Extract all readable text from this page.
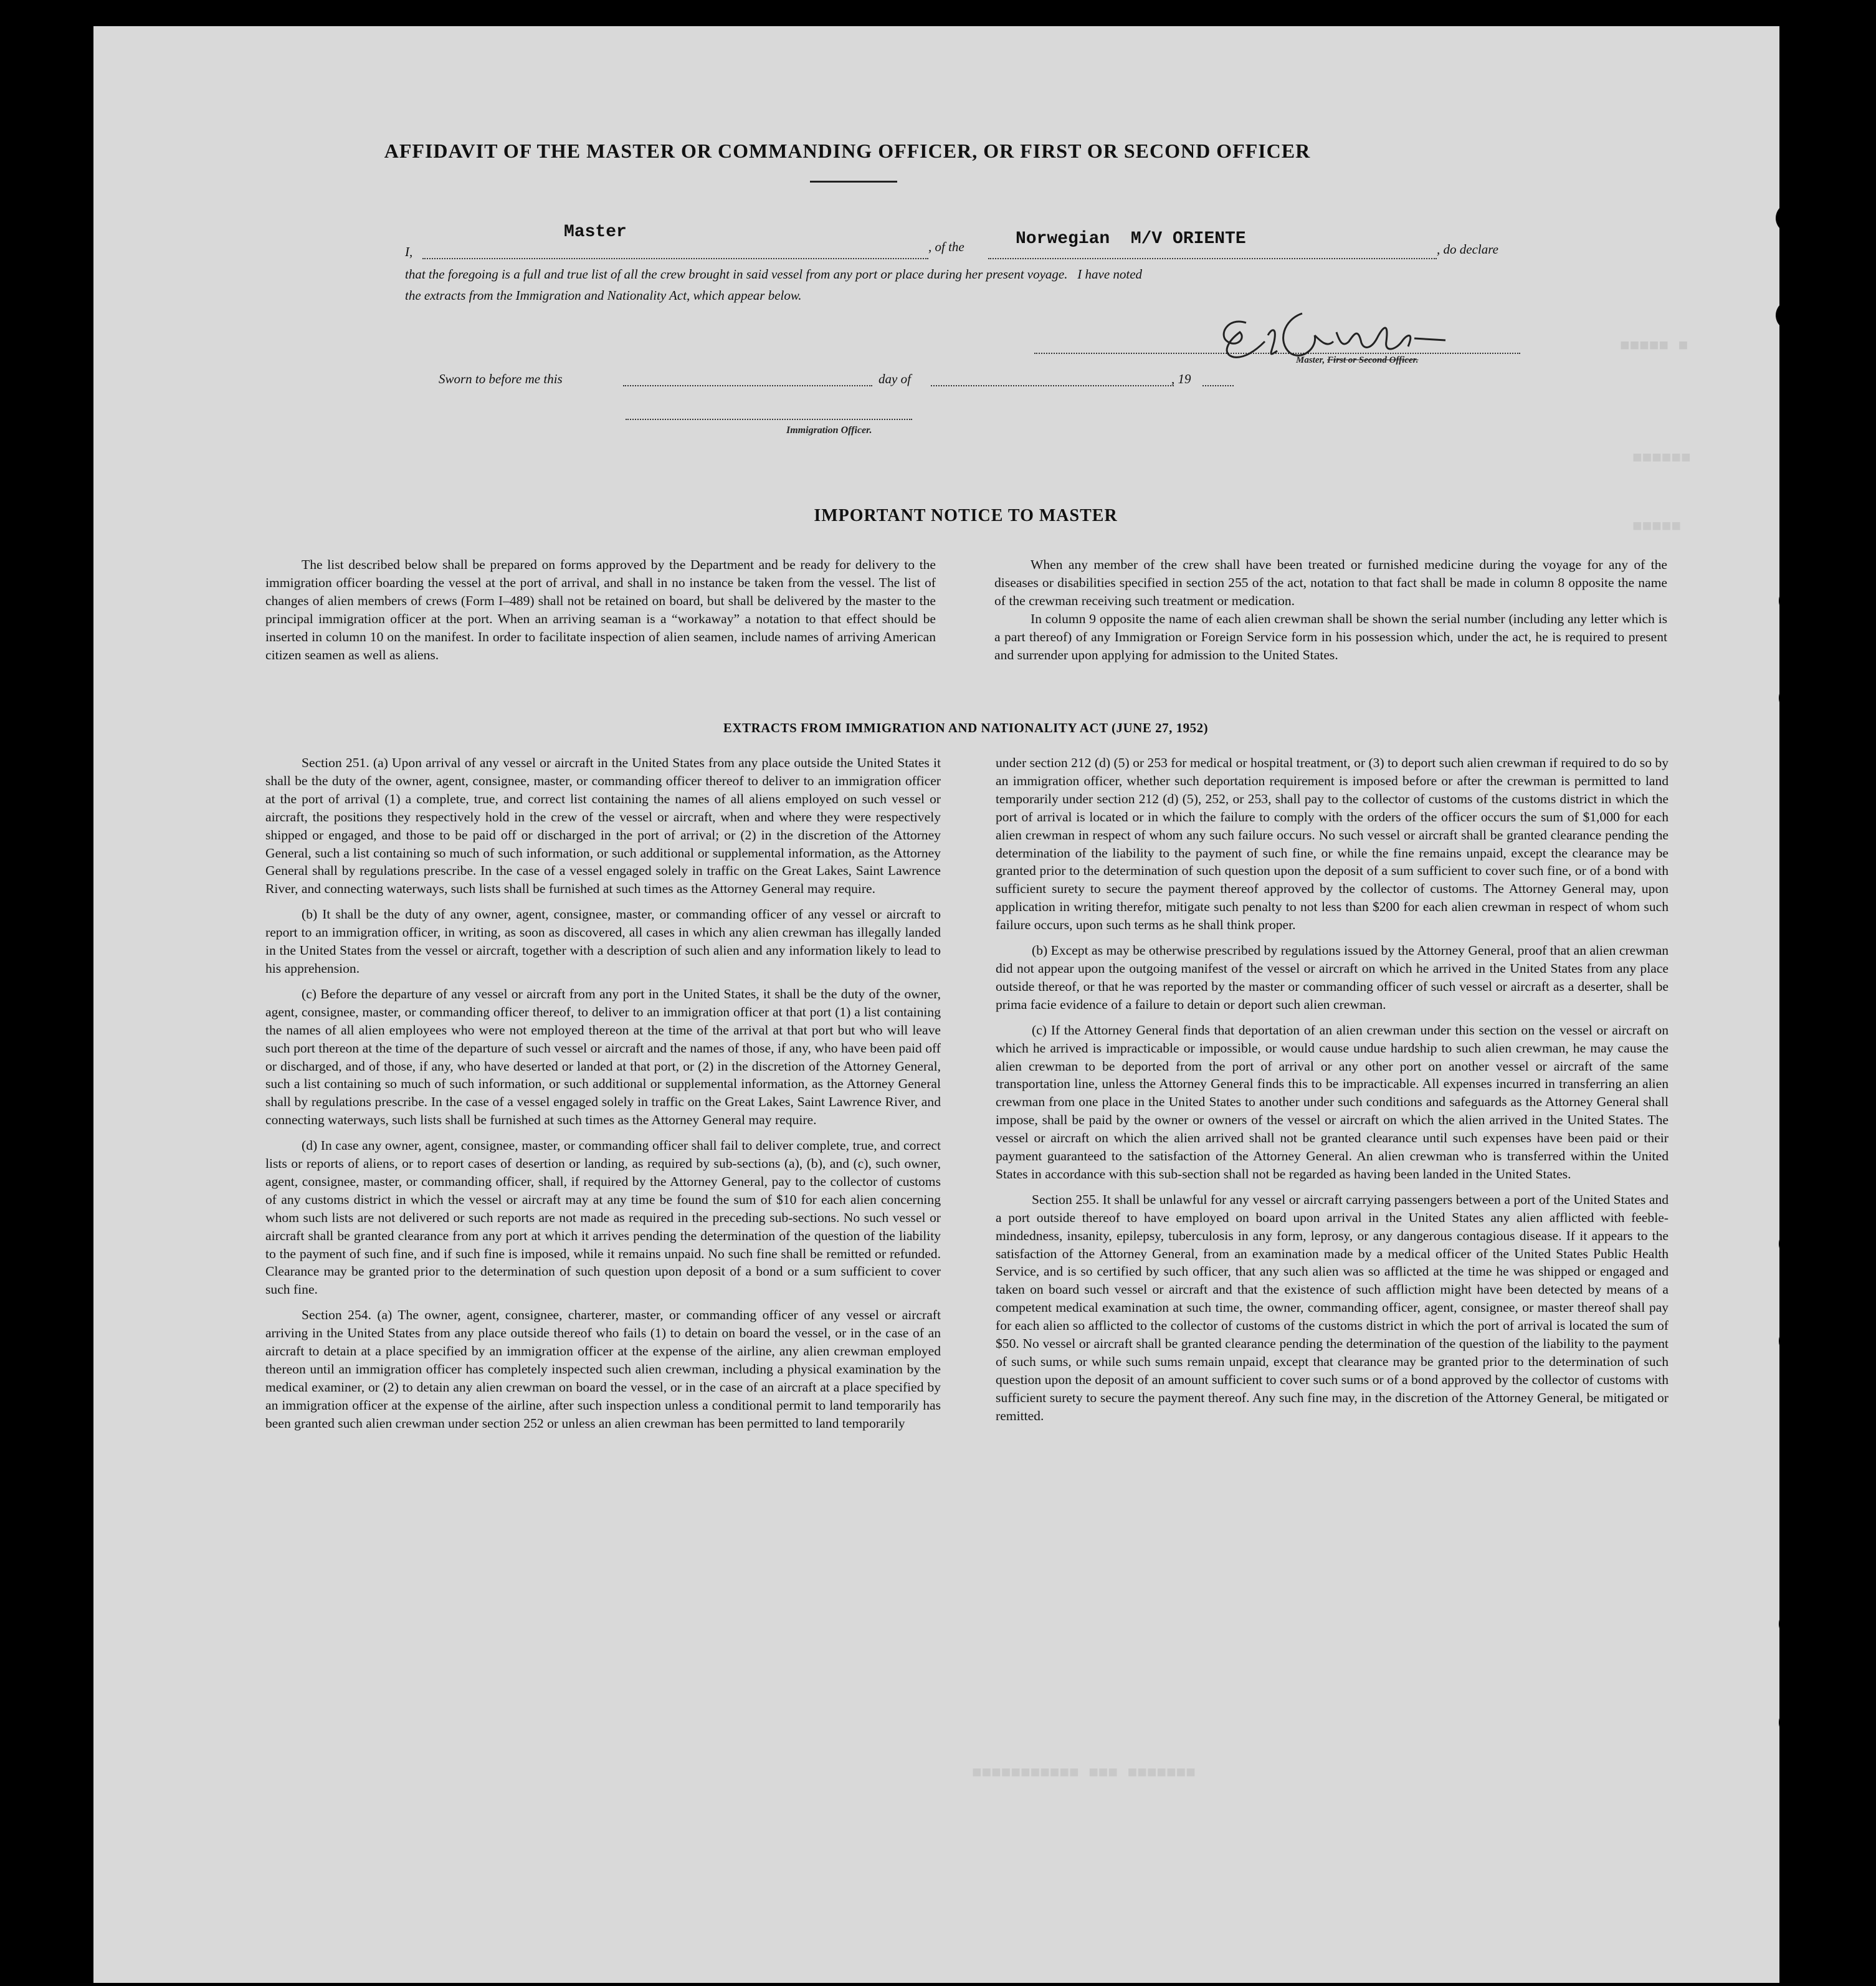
■ ■■■■■
■■■■■■
■■■■■
■■■■■■■ ■■■ ■■■■■■■■■■■
AFFIDAVIT OF THE MASTER OR COMMANDING OFFICER, OR FIRST OR SECOND OFFICER
I,
Master
, of the	Norwegian  M/V ORIENTE
, do declare
that the foregoing is a full and true list of all the crew brought in said vessel from any port or place during her present voyage.   I have noted
the extracts from the Immigration and Nationality Act, which appear below.
Master, First or Second Officer.
Sworn to before me this	day of	, 19
Immigration Officer.
IMPORTANT NOTICE TO MASTER

The list described below shall be prepared on forms approved by the Department and be ready for delivery to the immigration officer boarding the vessel at the port of arrival, and shall in no instance be taken from the vessel. The list of changes of alien members of crews (Form I–489) shall not be retained on board, but shall be delivered by the master to the principal immigration officer at the port. When an arriving seaman is a “workaway” a notation to that effect should be inserted in column 10 on the manifest. In order to facilitate inspection of alien seamen, include names of arriving American citizen seamen as well as aliens.

When any member of the crew shall have been treated or furnished medicine during the voyage for any of the diseases or disabilities specified in section 255 of the act, notation to that fact shall be made in column 8 opposite the name of the crewman receiving such treatment or medication.

In column 9 opposite the name of each alien crewman shall be shown the serial number (including any letter which is a part thereof) of any Immigration or Foreign Service form in his possession which, under the act, he is required to present and surrender upon applying for admission to the United States.

EXTRACTS FROM IMMIGRATION AND NATIONALITY ACT (JUNE 27, 1952)

Section 251. (a) Upon arrival of any vessel or aircraft in the United States from any place outside the United States it shall be the duty of the owner, agent, consignee, master, or commanding officer thereof to deliver to an immigration officer at the port of arrival (1) a complete, true, and correct list containing the names of all aliens employed on such vessel or aircraft, the positions they respectively hold in the crew of the vessel or aircraft, when and where they were respectively shipped or engaged, and those to be paid off or discharged in the port of arrival; or (2) in the discretion of the Attorney General, such a list containing so much of such information, or such additional or supplemental information, as the Attorney General shall by regulations prescribe. In the case of a vessel engaged solely in traffic on the Great Lakes, Saint Lawrence River, and connecting waterways, such lists shall be furnished at such times as the Attorney General may require.

(b) It shall be the duty of any owner, agent, consignee, master, or commanding officer of any vessel or aircraft to report to an immigration officer, in writing, as soon as discovered, all cases in which any alien crewman has illegally landed in the United States from the vessel or aircraft, together with a description of such alien and any information likely to lead to his apprehension.

(c) Before the departure of any vessel or aircraft from any port in the United States, it shall be the duty of the owner, agent, consignee, master, or commanding officer thereof, to deliver to an immigration officer at that port (1) a list containing the names of all alien employees who were not employed thereon at the time of the arrival at that port but who will leave such port thereon at the time of the departure of such vessel or aircraft and the names of those, if any, who have been paid off or discharged, and of those, if any, who have deserted or landed at that port, or (2) in the discretion of the Attorney General, such a list containing so much of such information, or such additional or supplemental information, as the Attorney General shall by regulations prescribe. In the case of a vessel engaged solely in traffic on the Great Lakes, Saint Lawrence River, and connecting waterways, such lists shall be furnished at such times as the Attorney General may require.

(d) In case any owner, agent, consignee, master, or commanding officer shall fail to deliver complete, true, and correct lists or reports of aliens, or to report cases of desertion or landing, as required by sub-sections (a), (b), and (c), such owner, agent, consignee, master, or commanding officer, shall, if required by the Attorney General, pay to the collector of customs of any customs district in which the vessel or aircraft may at any time be found the sum of $10 for each alien concerning whom such lists are not delivered or such reports are not made as required in the preceding sub-sections. No such vessel or aircraft shall be granted clearance from any port at which it arrives pending the determination of the question of the liability to the payment of such fine, and if such fine is imposed, while it remains unpaid. No such fine shall be remitted or refunded. Clearance may be granted prior to the determination of such question upon deposit of a bond or a sum sufficient to cover such fine.

Section 254. (a) The owner, agent, consignee, charterer, master, or commanding officer of any vessel or aircraft arriving in the United States from any place outside thereof who fails (1) to detain on board the vessel, or in the case of an aircraft to detain at a place specified by an immigration officer at the expense of the airline, any alien crewman employed thereon until an immigration officer has completely inspected such alien crewman, including a physical examination by the medical examiner, or (2) to detain any alien crewman on board the vessel, or in the case of an aircraft at a place specified by an immigration officer at the expense of the airline, after such inspection unless a conditional permit to land temporarily has been granted such alien crewman under section 252 or unless an alien crewman has been permitted to land temporarily

under section 212 (d) (5) or 253 for medical or hospital treatment, or (3) to deport such alien crewman if required to do so by an immigration officer, whether such deportation requirement is imposed before or after the crewman is permitted to land temporarily under section 212 (d) (5), 252, or 253, shall pay to the collector of customs of the customs district in which the port of arrival is located or in which the failure to comply with the orders of the officer occurs the sum of $1,000 for each alien crewman in respect of whom any such failure occurs. No such vessel or aircraft shall be granted clearance pending the determination of the liability to the payment of such fine, or while the fine remains unpaid, except the clearance may be granted prior to the determination of such question upon the deposit of a sum sufficient to cover such fine, or of a bond with sufficient surety to secure the payment thereof approved by the collector of customs. The Attorney General may, upon application in writing therefor, mitigate such penalty to not less than $200 for each alien crewman in respect of whom such failure occurs, upon such terms as he shall think proper.

(b) Except as may be otherwise prescribed by regulations issued by the Attorney General, proof that an alien crewman did not appear upon the outgoing manifest of the vessel or aircraft on which he arrived in the United States from any place outside thereof, or that he was reported by the master or commanding officer of such vessel or aircraft as a deserter, shall be prima facie evidence of a failure to detain or deport such alien crewman.

(c) If the Attorney General finds that deportation of an alien crewman under this section on the vessel or aircraft on which he arrived is impracticable or impossible, or would cause undue hardship to such alien crewman, he may cause the alien crewman to be deported from the port of arrival or any other port on another vessel or aircraft of the same transportation line, unless the Attorney General finds this to be impracticable. All expenses incurred in transferring an alien crewman from one place in the United States to another under such conditions and safeguards as the Attorney General shall impose, shall be paid by the owner or owners of the vessel or aircraft on which the alien arrived in the United States. The vessel or aircraft on which the alien arrived shall not be granted clearance until such expenses have been paid or their payment guaranteed to the satisfaction of the Attorney General. An alien crewman who is transferred within the United States in accordance with this sub-section shall not be regarded as having been landed in the United States.

Section 255. It shall be unlawful for any vessel or aircraft carrying passengers between a port of the United States and a port outside thereof to have employed on board upon arrival in the United States any alien afflicted with feeble-mindedness, insanity, epilepsy, tuberculosis in any form, leprosy, or any dangerous contagious disease. If it appears to the satisfaction of the Attorney General, from an examination made by a medical officer of the United States Public Health Service, and is so certified by such officer, that any such alien was so afflicted at the time he was shipped or engaged and taken on board such vessel or aircraft and that the existence of such affliction might have been detected by means of a competent medical examination at such time, the owner, commanding officer, agent, consignee, or master thereof shall pay for each alien so afflicted to the collector of customs of the customs district in which the port of arrival is located the sum of $50. No vessel or aircraft shall be granted clearance pending the determination of the question of the liability to the payment of such sums, or while such sums remain unpaid, except that clearance may be granted prior to the determination of such question upon the deposit of an amount sufficient to cover such sums or of a bond approved by the collector of customs with sufficient surety to secure the payment thereof. Any such fine may, in the discretion of the Attorney General, be mitigated or remitted.
